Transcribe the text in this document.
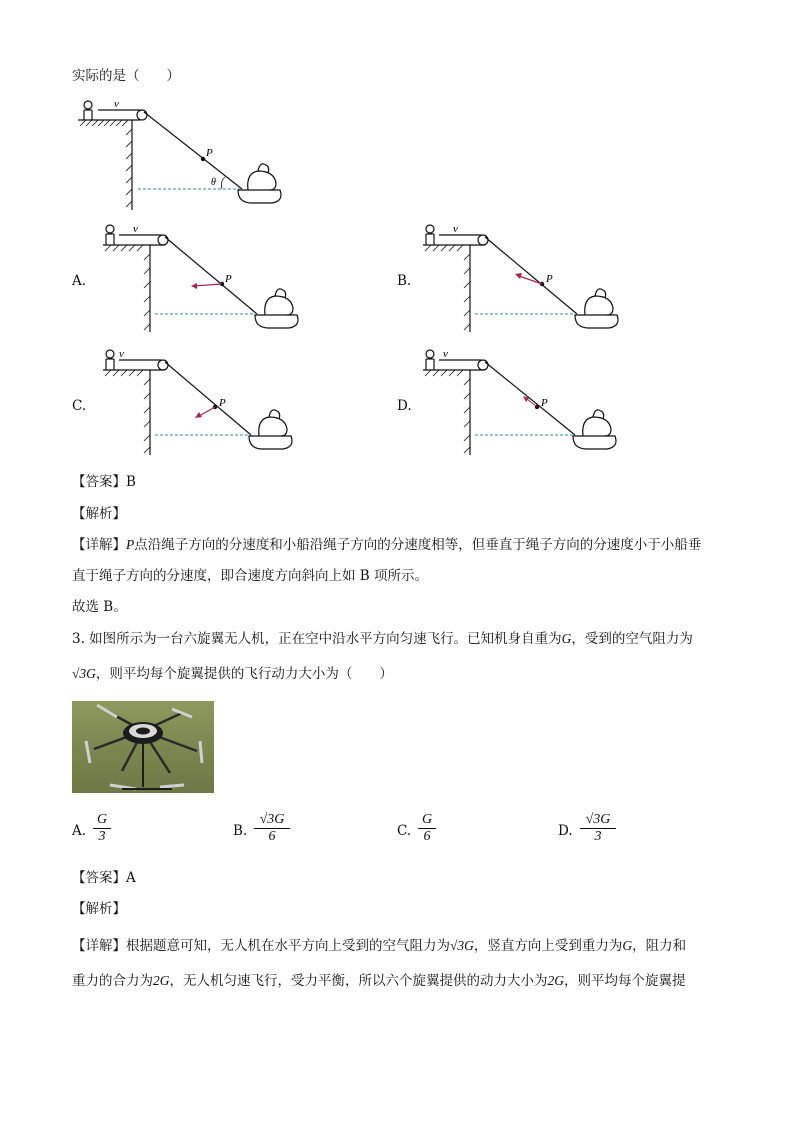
实际的是（　　）
v
P
θ
v
P
v
P
v
P
v
P
A.	B.
C.	D.
【答案】B
【解析】
【详解】P点沿绳子方向的分速度和小船沿绳子方向的分速度相等，但垂直于绳子方向的分速度小于小船垂
直于绳子方向的分速度，即合速度方向斜向上如 B 项所示。
故选 B。
3. 如图所示为一台六旋翼无人机，正在空中沿水平方向匀速飞行。已知机身自重为G，受到的空气阻力为
√3G，则平均每个旋翼提供的飞行动力大小为（　　）
A. $\frac{G}{3}$	B. $\frac{√3G}{6}$	C. $\frac{G}{6}$	D. $\frac{√3G}{3}$
【答案】A
【解析】
【详解】根据题意可知，无人机在水平方向上受到的空气阻力为√3G，竖直方向上受到重力为G，阻力和
重力的合力为2G，无人机匀速飞行，受力平衡，所以六个旋翼提供的动力大小为2G，则平均每个旋翼提
